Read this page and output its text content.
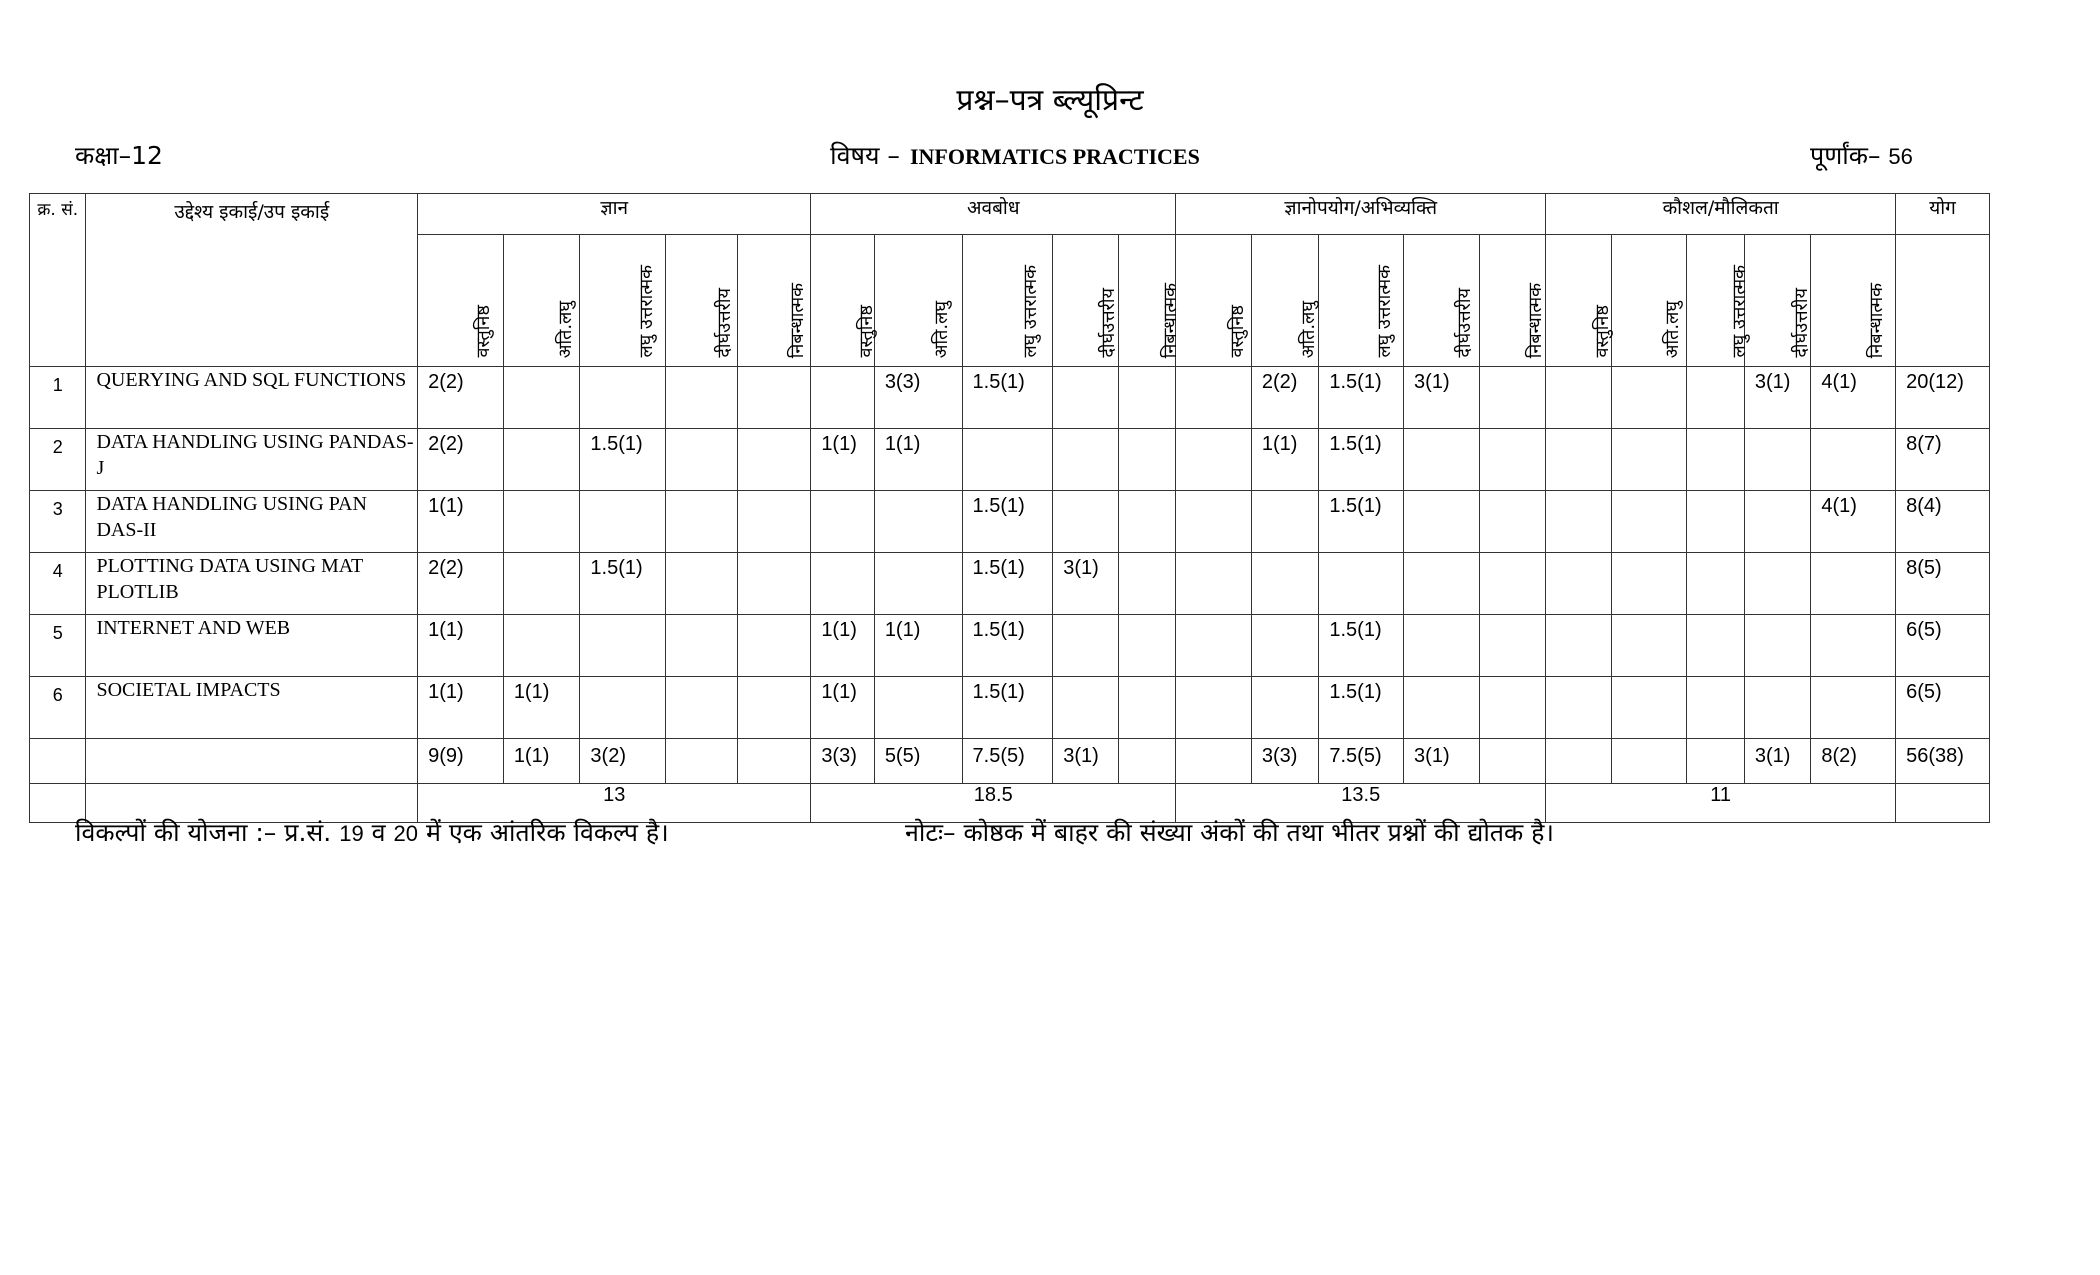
प्रश्न–पत्र ब्ल्यूप्रिन्ट
कक्षा–12	विषय – INFORMATICS PRACTICES	पूर्णांक– 56
क्र. सं.	उद्देश्य इकाई/उप इकाई	ज्ञान					अवबोध					ज्ञानोपयोग/अभिव्यक्ति					कौशल/मौलिकता					योग

		वस्तुनिष्ठ	अति.लघु	लघु उत्तरात्मक	दीर्घउत्तरीय	निबन्धात्मक	वस्तुनिष्ठ	अति.लघु	लघु उत्तरात्मक	दीर्घउत्तरीय	निबन्धात्मक	वस्तुनिष्ठ	अति.लघु	लघु उत्तरात्मक	दीर्घउत्तरीय	निबन्धात्मक	वस्तुनिष्ठ	अति.लघु	लघु उत्तरात्मक	दीर्घउत्तरीय	निबन्धात्मक	

1	QUERYING AND SQL FUNCTIONS	2(2)						3(3)	1.5(1)				2(2)	1.5(1)	3(1)					3(1)	4(1)	20(12)
2	DATA HANDLING USING PANDAS-J	2(2)		1.5(1)			1(1)	1(1)					1(1)	1.5(1)								8(7)
3	DATA HANDLING USING PAN DAS-II	1(1)							1.5(1)					1.5(1)							4(1)	8(4)
4	PLOTTING DATA USING MAT PLOTLIB	2(2)		1.5(1)					1.5(1)	3(1)												8(5)
5	INTERNET AND WEB	1(1)					1(1)	1(1)	1.5(1)					1.5(1)								6(5)
6	SOCIETAL IMPACTS	1(1)	1(1)				1(1)		1.5(1)					1.5(1)								6(5)
		9(9)	1(1)	3(2)			3(3)	5(5)	7.5(5)	3(1)			3(3)	7.5(5)	3(1)					3(1)	8(2)	56(38)
		13					18.5					13.5					11					
विकल्पों की योजना :– प्र.सं. 19 व 20 में एक आंतरिक विकल्प है।	नोटः– कोष्ठक में बाहर की संख्या अंकों की तथा भीतर प्रश्नों की द्योतक है।
